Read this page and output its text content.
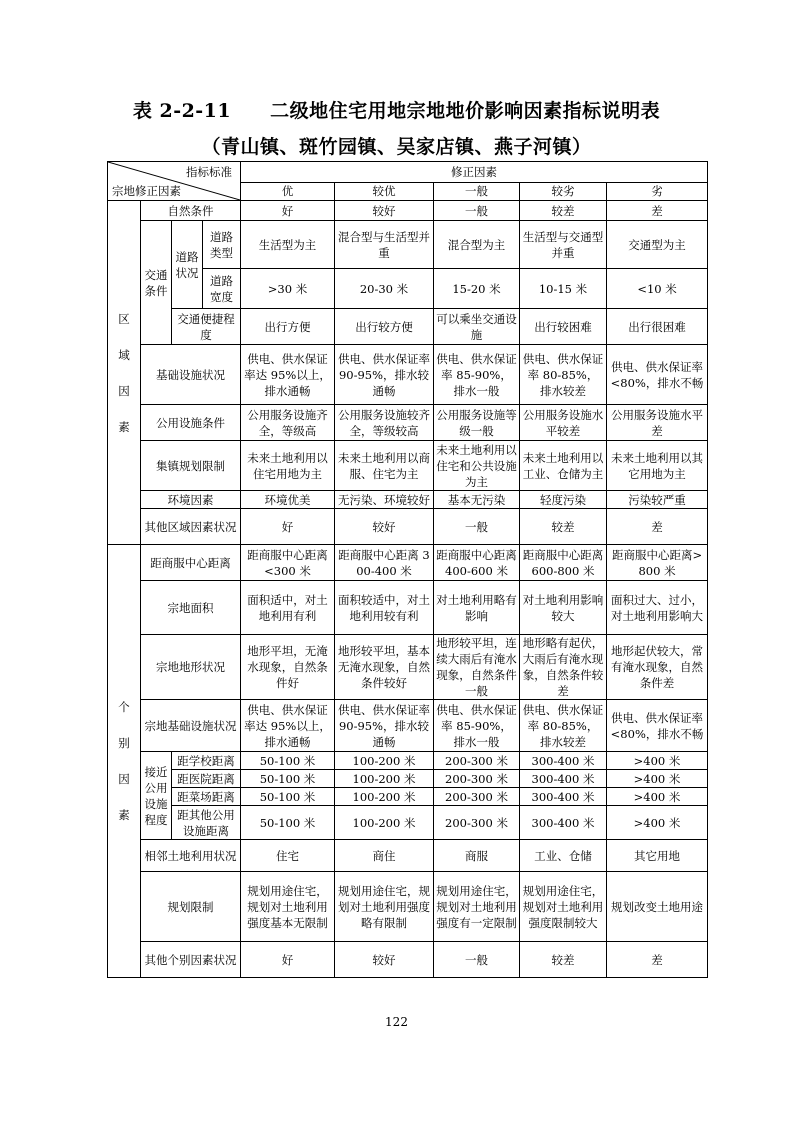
表 2-2-11　　二级地住宅用地宗地地价影响因素指标说明表
（青山镇、斑竹园镇、吴家店镇、燕子河镇）
指标标准
宗地修正因素				修正因素				
				优	较优	一般	较劣	劣
区
域
因
素	自然条件			好	较好	一般	较差	差
	交通条件	道路状况	道路类型	生活型为主	混合型与生活型并重	混合型为主	生活型与交通型并重	交通型为主
			道路宽度	>30 米	20-30 米	15-20 米	10-15 米	<10 米
		交通便捷程度		出行方便	出行较方便	可以乘坐交通设施	出行较困难	出行很困难
	基础设施状况			供电、供水保证率达 95%以上，排水通畅	供电、供水保证率 90-95%，排水较通畅	供电、供水保证率 85-90%，排水一般	供电、供水保证率 80-85%，排水较差	供电、供水保证率<80%，排水不畅
	公用设施条件			公用服务设施齐全，等级高	公用服务设施较齐全，等级较高	公用服务设施等级一般	公用服务设施水平较差	公用服务设施水平差
	集镇规划限制			未来土地利用以住宅用地为主	未来土地利用以商服、住宅为主	未来土地利用以住宅和公共设施为主	未来土地利用以工业、仓储为主	未来土地利用以其它用地为主
	环境因素			环境优美	无污染、环境较好	基本无污染	轻度污染	污染较严重
	其他区域因素状况			好	较好	一般	较差	差
个
别
因
素	距商服中心距离			距商服中心距离<300 米	距商服中心距离 300-400 米	距商服中心距离 400-600 米	距商服中心距离 600-800 米	距商服中心距离>800 米
	宗地面积			面积适中，对土地利用有利	面积较适中，对土地利用较有利	对土地利用略有影响	对土地利用影响较大	面积过大、过小，对土地利用影响大
	宗地地形状况			地形平坦，无淹水现象，自然条件好	地形较平坦，基本无淹水现象，自然条件较好	地形较平坦，连续大雨后有淹水现象，自然条件一般	地形略有起伏，大雨后有淹水现象，自然条件较差	地形起伏较大，常有淹水现象，自然条件差
	宗地基础设施状况			供电、供水保证率达 95%以上，排水通畅	供电、供水保证率 90-95%，排水较通畅	供电、供水保证率 85-90%，排水一般	供电、供水保证率 80-85%，排水较差	供电、供水保证率<80%，排水不畅
	接近公用设施程度	距学校距离		50-100 米	100-200 米	200-300 米	300-400 米	>400 米
		距医院距离		50-100 米	100-200 米	200-300 米	300-400 米	>400 米
		距菜场距离		50-100 米	100-200 米	200-300 米	300-400 米	>400 米
		距其他公用设施距离		50-100 米	100-200 米	200-300 米	300-400 米	>400 米
	相邻土地利用状况			住宅	商住	商服	工业、仓储	其它用地
	规划限制			规划用途住宅，规划对土地利用强度基本无限制	规划用途住宅，规划对土地利用强度略有限制	规划用途住宅，规划对土地利用强度有一定限制	规划用途住宅，规划对土地利用强度限制较大	规划改变土地用途
	其他个别因素状况			好	较好	一般	较差	差
122
